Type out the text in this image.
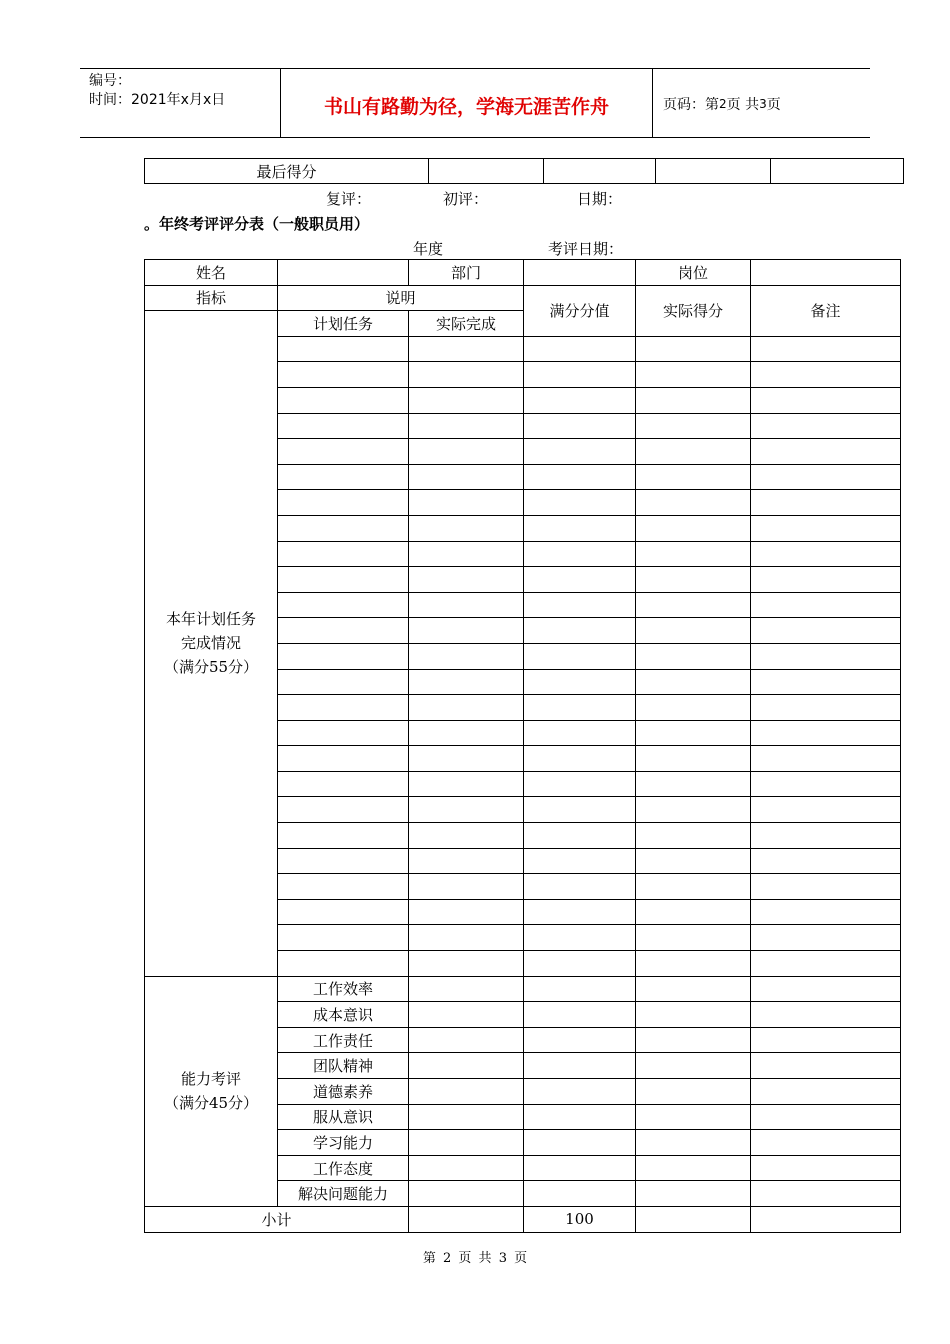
编号：
时间：2021年x月x日	书山有路勤为径，学海无涯苦作舟	页码：第 2 页 共 3 页
最后得分				
复评：	初评：	日期：
。年终考评评分表（一般职员用）
年度	考评日期：
姓名		部门		岗位	
指标	说明		满分分值	实际得分	备注

本年计划任务
完成情况
（满分55分）	计划任务	实际完成			

能力考评
（满分45分）	工作效率				
	成本意识				
	工作责任				
	团队精神				
	道德素养				
	服从意识				
	学习能力				
	工作态度				
	解决问题能力				
小计			100		
第 2 页 共 3 页
